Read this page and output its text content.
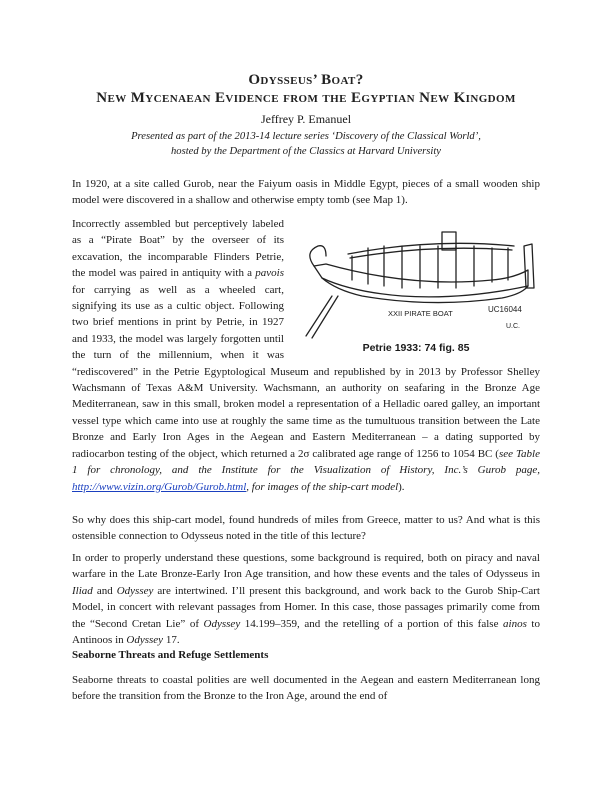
Odysseus’ Boat?

New Mycenaean Evidence from the Egyptian New Kingdom

Jeffrey P. Emanuel

Presented as part of the 2013-14 lecture series ‘Discovery of the Classical World’,
hosted by the Department of the Classics at Harvard University

In 1920, at a site called Gurob, near the Faiyum oasis in Middle Egypt, pieces of a small wooden ship model were discovered in a shallow and otherwise empty tomb (see Map 1).

XXII PIRATE BOAT	UC16044
U.C.
Petrie 1933: 74 fig. 85
Incorrectly assembled but perceptively labeled as a “Pirate Boat” by the overseer of its excavation, the incomparable Flinders Petrie, the model was paired in antiquity with a pavois for carrying as well as a wheeled cart, signifying its use as a cultic object. Following two brief mentions in print by Petrie, in 1927 and 1933, the model was largely forgotten until the turn of the millennium, when it was “rediscovered” in the Petrie Egyptological Museum and republished by in 2013 by Professor Shelley Wachsmann of Texas A&M University. Wachsmann, an authority on seafaring in the Bronze Age Mediterranean, saw in this small, broken model a representation of a Helladic oared galley, an important vessel type which came into use at roughly the same time as the tumultuous transition between the Late Bronze and Early Iron Ages in the Aegean and Eastern Mediterranean – a dating supported by radiocarbon testing of the object, which returned a 2σ calibrated age range of 1256 to 1054 BC (see Table 1 for chronology, and the Institute for the Visualization of History, Inc.’s Gurob page, http://www.vizin.org/Gurob/Gurob.html, for images of the ship-cart model).

So why does this ship-cart model, found hundreds of miles from Greece, matter to us? And what is this ostensible connection to Odysseus noted in the title of this lecture?

In order to properly understand these questions, some background is required, both on piracy and naval warfare in the Late Bronze-Early Iron Age transition, and how these events and the tales of Odysseus in Iliad and Odyssey are intertwined. I’ll present this background, and work back to the Gurob Ship-Cart Model, in concert with relevant passages from Homer. In this case, those passages primarily come from the “Second Cretan Lie” of Odyssey 14.199–359, and the retelling of a portion of this false ainos to Antinoos in Odyssey 17.

Seaborne Threats and Refuge Settlements

Seaborne threats to coastal polities are well documented in the Aegean and eastern Mediterranean long before the transition from the Bronze to the Iron Age, around the end of
